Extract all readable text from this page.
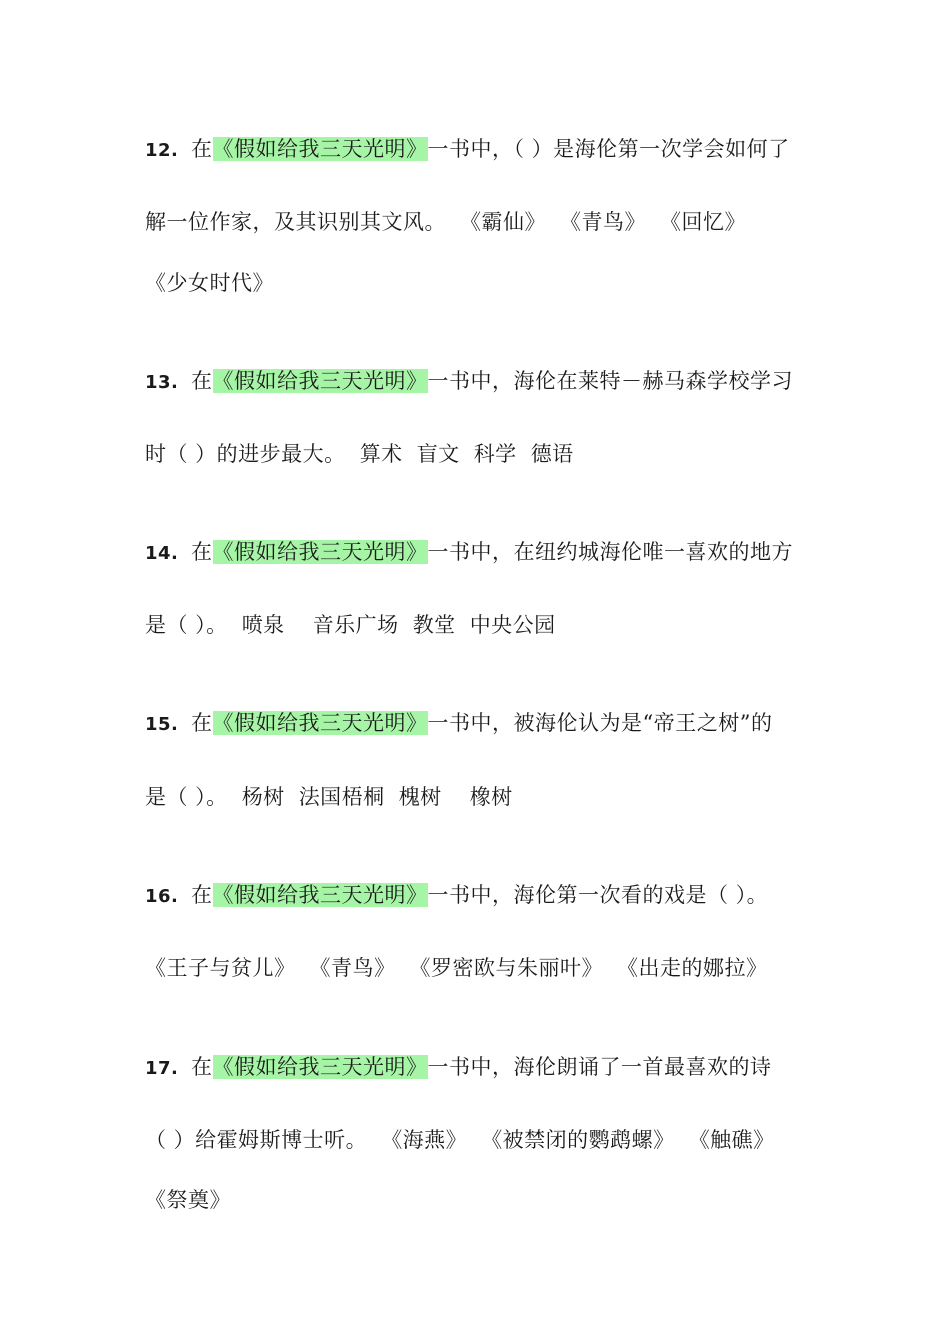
12. 在《假如给我三天光明》一书中，（ ）是海伦第一次学会如何了
解一位作家，及其识别其文风。 《霸仙》 《青鸟》 《回忆》
《少女时代》
13. 在《假如给我三天光明》一书中，海伦在莱特－赫马森学校学习
时（ ）的进步最大。 算术 盲文 科学 德语
14. 在《假如给我三天光明》一书中，在纽约城海伦唯一喜欢的地方
是（ ）。 喷泉 音乐广场 教堂 中央公园
15. 在《假如给我三天光明》一书中，被海伦认为是“帝王之树”的
是（ ）。 杨树 法国梧桐 槐树 橡树
16. 在《假如给我三天光明》一书中，海伦第一次看的戏是（ ）。
《王子与贫儿》 《青鸟》 《罗密欧与朱丽叶》 《出走的娜拉》
17. 在《假如给我三天光明》一书中，海伦朗诵了一首最喜欢的诗
（ ）给霍姆斯博士听。 《海燕》 《被禁闭的鹦鹉螺》 《触礁》
《祭奠》
